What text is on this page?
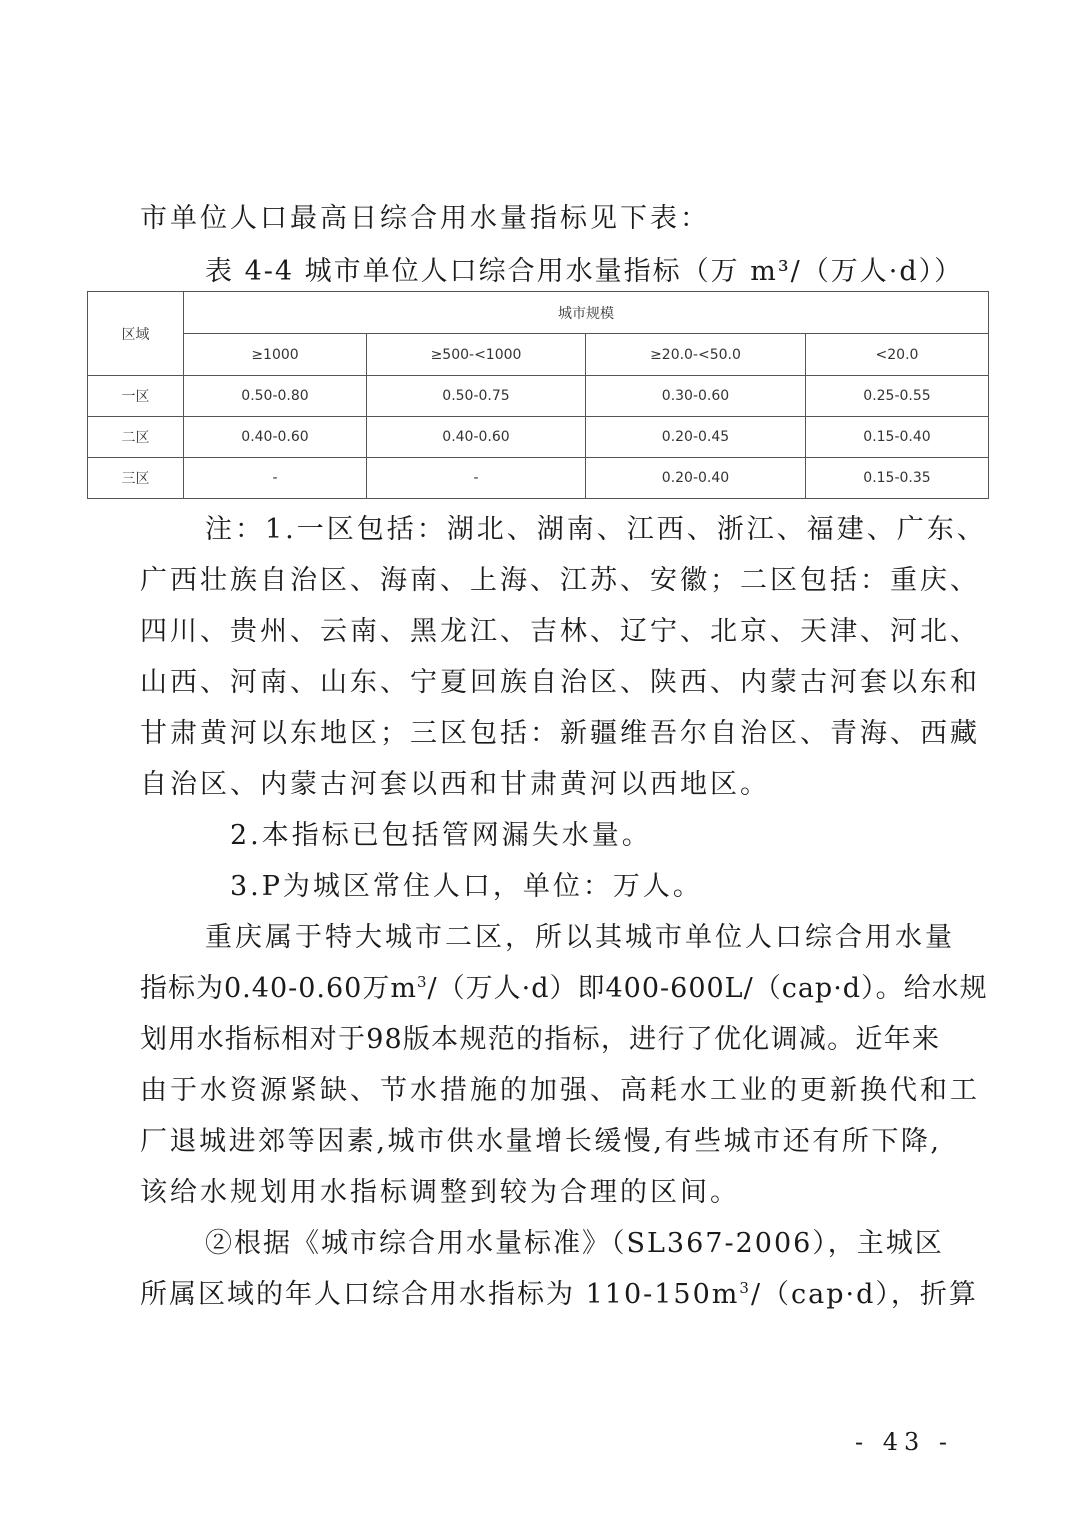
市单位人口最高日综合用水量指标见下表：
表 4-4 城市单位人口综合用水量指标（万 m³/（万人·d））
区域	城市规模			
	≥1000	≥500-<1000	≥20.0-<50.0	<20.0
一区	0.50-0.80	0.50-0.75	0.30-0.60	0.25-0.55
二区	0.40-0.60	0.40-0.60	0.20-0.45	0.15-0.40
三区	-	-	0.20-0.40	0.15-0.35
注：1.一区包括：湖北、湖南、江西、浙江、福建、广东、
广西壮族自治区、海南、上海、江苏、安徽；二区包括：重庆、
四川、贵州、云南、黑龙江、吉林、辽宁、北京、天津、河北、
山西、河南、山东、宁夏回族自治区、陕西、内蒙古河套以东和
甘肃黄河以东地区；三区包括：新疆维吾尔自治区、青海、西藏
自治区、内蒙古河套以西和甘肃黄河以西地区。
2.本指标已包括管网漏失水量。
3.P为城区常住人口，单位：万人。
重庆属于特大城市二区，所以其城市单位人口综合用水量
指标为0.40-0.60万$m^3/$（万人·d）即400-600L/（cap·d）。给水规
划用水指标相对于98版本规范的指标，进行了优化调减。近年来
由于水资源紧缺、节水措施的加强、高耗水工业的更新换代和工
厂退城进郊等因素,城市供水量增长缓慢,有些城市还有所下降,
该给水规划用水指标调整到较为合理的区间。
②根据《城市综合用水量标准》（SL367-2006），主城区
所属区域的年人口综合用水指标为 $110-150m^3/(cap\cdot d)$，折算
- 43 -
